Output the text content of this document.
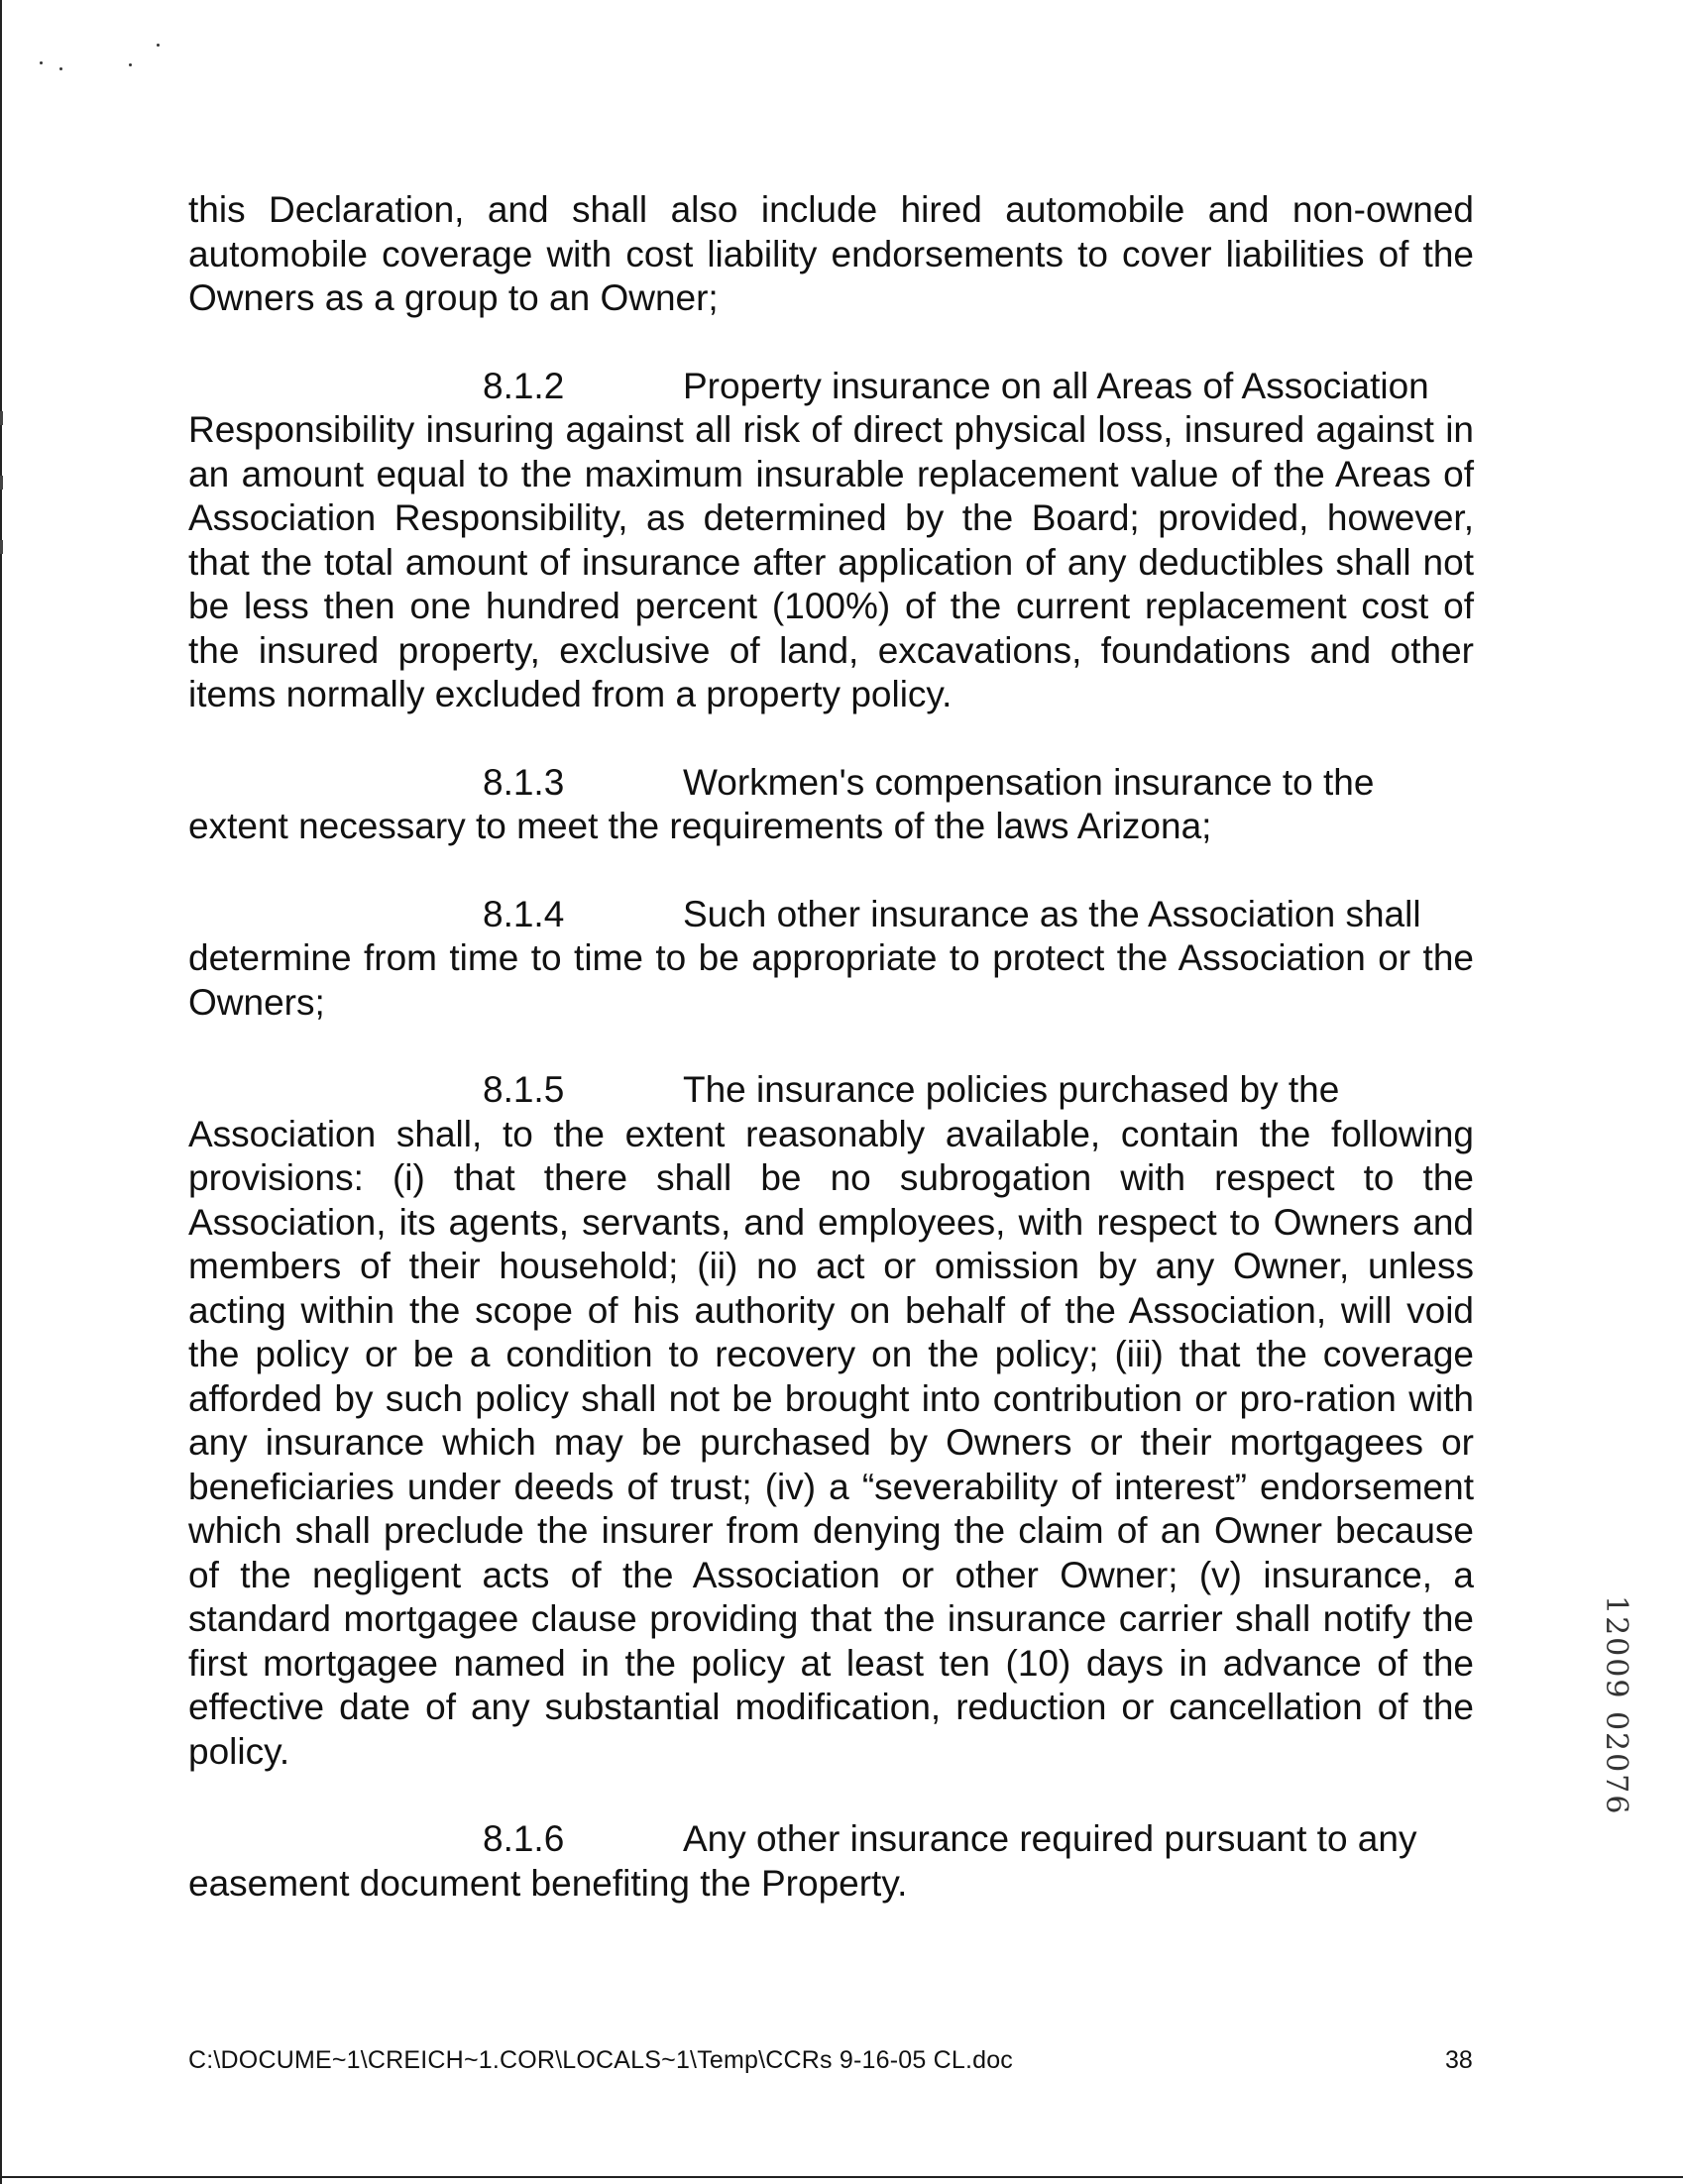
this Declaration, and shall also include hired automobile and non-owned automobile coverage with cost liability endorsements to cover liabilities of the Owners as a group to an Owner;

8.1.2	Property insurance on all Areas of Association
Responsibility insuring against all risk of direct physical loss, insured against in an amount equal to the maximum insurable replacement value of the Areas of Association Responsibility, as determined by the Board; provided, however, that the total amount of insurance after application of any deductibles shall not be less then one hundred percent (100%) of the current replacement cost of the insured property, exclusive of land, excavations, foundations and other items normally excluded from a property policy.

8.1.3	Workmen's compensation insurance to the
extent necessary to meet the requirements of the laws Arizona;

8.1.4	Such other insurance as the Association shall
determine from time to time to be appropriate to protect the Association or the Owners;

8.1.5	The insurance policies purchased by the
Association shall, to the extent reasonably available, contain the following provisions: (i) that there shall be no subrogation with respect to the Association, its agents, servants, and employees, with respect to Owners and members of their household; (ii) no act or omission by any Owner, unless acting within the scope of his authority on behalf of the Association, will void the policy or be a condition to recovery on the policy; (iii) that the coverage afforded by such policy shall not be brought into contribution or pro-ration with any insurance which may be purchased by Owners or their mortgagees or beneficiaries under deeds of trust; (iv) a “severability of interest” endorsement which shall preclude the insurer from denying the claim of an Owner because of the negligent acts of the Association or other Owner; (v) insurance, a standard mortgagee clause providing that the insurance carrier shall notify the first mortgagee named in the policy at least ten (10) days in advance of the effective date of any substantial modification, reduction or cancellation of the policy.

8.1.6	Any other insurance required pursuant to any
easement document benefiting the Property.

C:\DOCUME~1\CREICH~1.COR\LOCALS~1\Temp\CCRs 9-16-05 CL.doc	38
12009 02076
